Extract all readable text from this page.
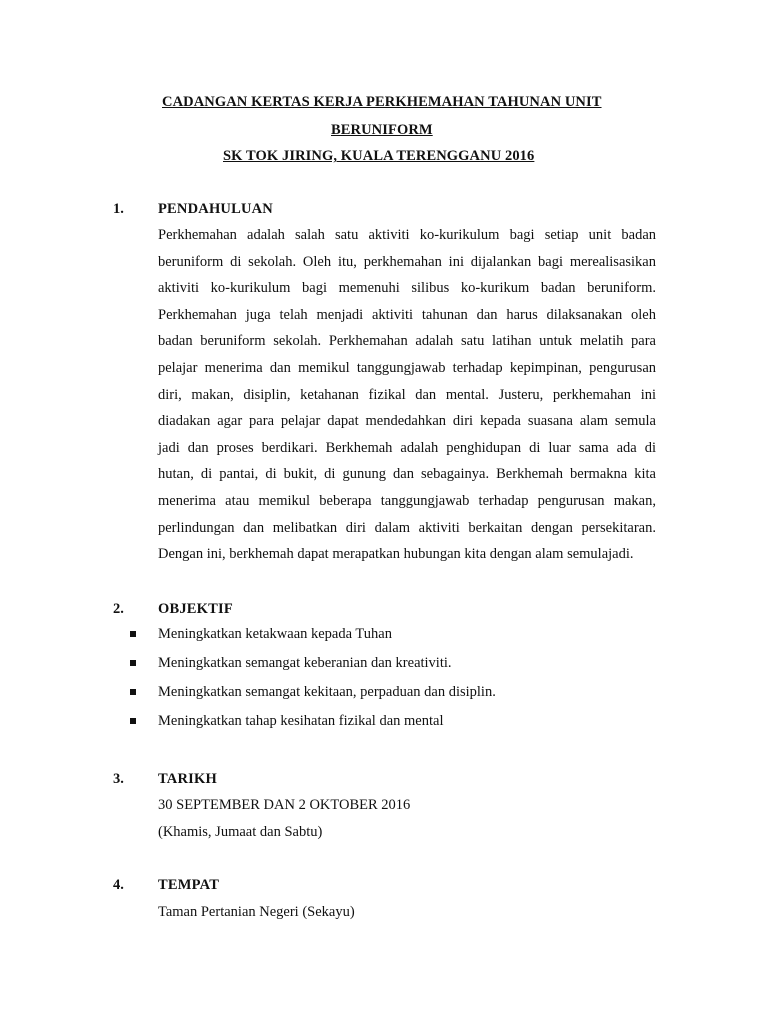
CADANGAN KERTAS KERJA PERKHEMAHAN TAHUNAN UNIT
BERUNIFORM
SK TOK JIRING, KUALA TERENGGANU 2016
1. PENDAHULUAN
Perkhemahan adalah salah satu aktiviti ko-kurikulum bagi setiap unit badan
beruniform di sekolah. Oleh itu, perkhemahan ini dijalankan bagi merealisasikan
aktiviti ko-kurikulum bagi memenuhi silibus ko-kurikum badan beruniform.
Perkhemahan juga telah menjadi aktiviti tahunan dan harus dilaksanakan oleh
badan beruniform sekolah. Perkhemahan adalah satu latihan untuk melatih para
pelajar menerima dan memikul tanggungjawab terhadap kepimpinan, pengurusan
diri, makan, disiplin, ketahanan fizikal dan mental. Justeru, perkhemahan ini
diadakan agar para pelajar dapat mendedahkan diri kepada suasana alam semula
jadi dan proses berdikari. Berkhemah adalah penghidupan di luar sama ada di
hutan, di pantai, di bukit, di gunung dan sebagainya. Berkhemah bermakna kita
menerima atau memikul beberapa tanggungjawab terhadap pengurusan makan,
perlindungan dan melibatkan diri dalam aktiviti berkaitan dengan persekitaran.
Dengan ini, berkhemah dapat merapatkan hubungan kita dengan alam semulajadi.
2. OBJEKTIF
Meningkatkan ketakwaan kepada Tuhan
Meningkatkan semangat keberanian dan kreativiti.
Meningkatkan semangat kekitaan, perpaduan dan disiplin.
Meningkatkan tahap kesihatan fizikal dan mental
3. TARIKH
30 SEPTEMBER DAN 2 OKTOBER 2016
(Khamis, Jumaat dan Sabtu)
4. TEMPAT
Taman Pertanian Negeri (Sekayu)
